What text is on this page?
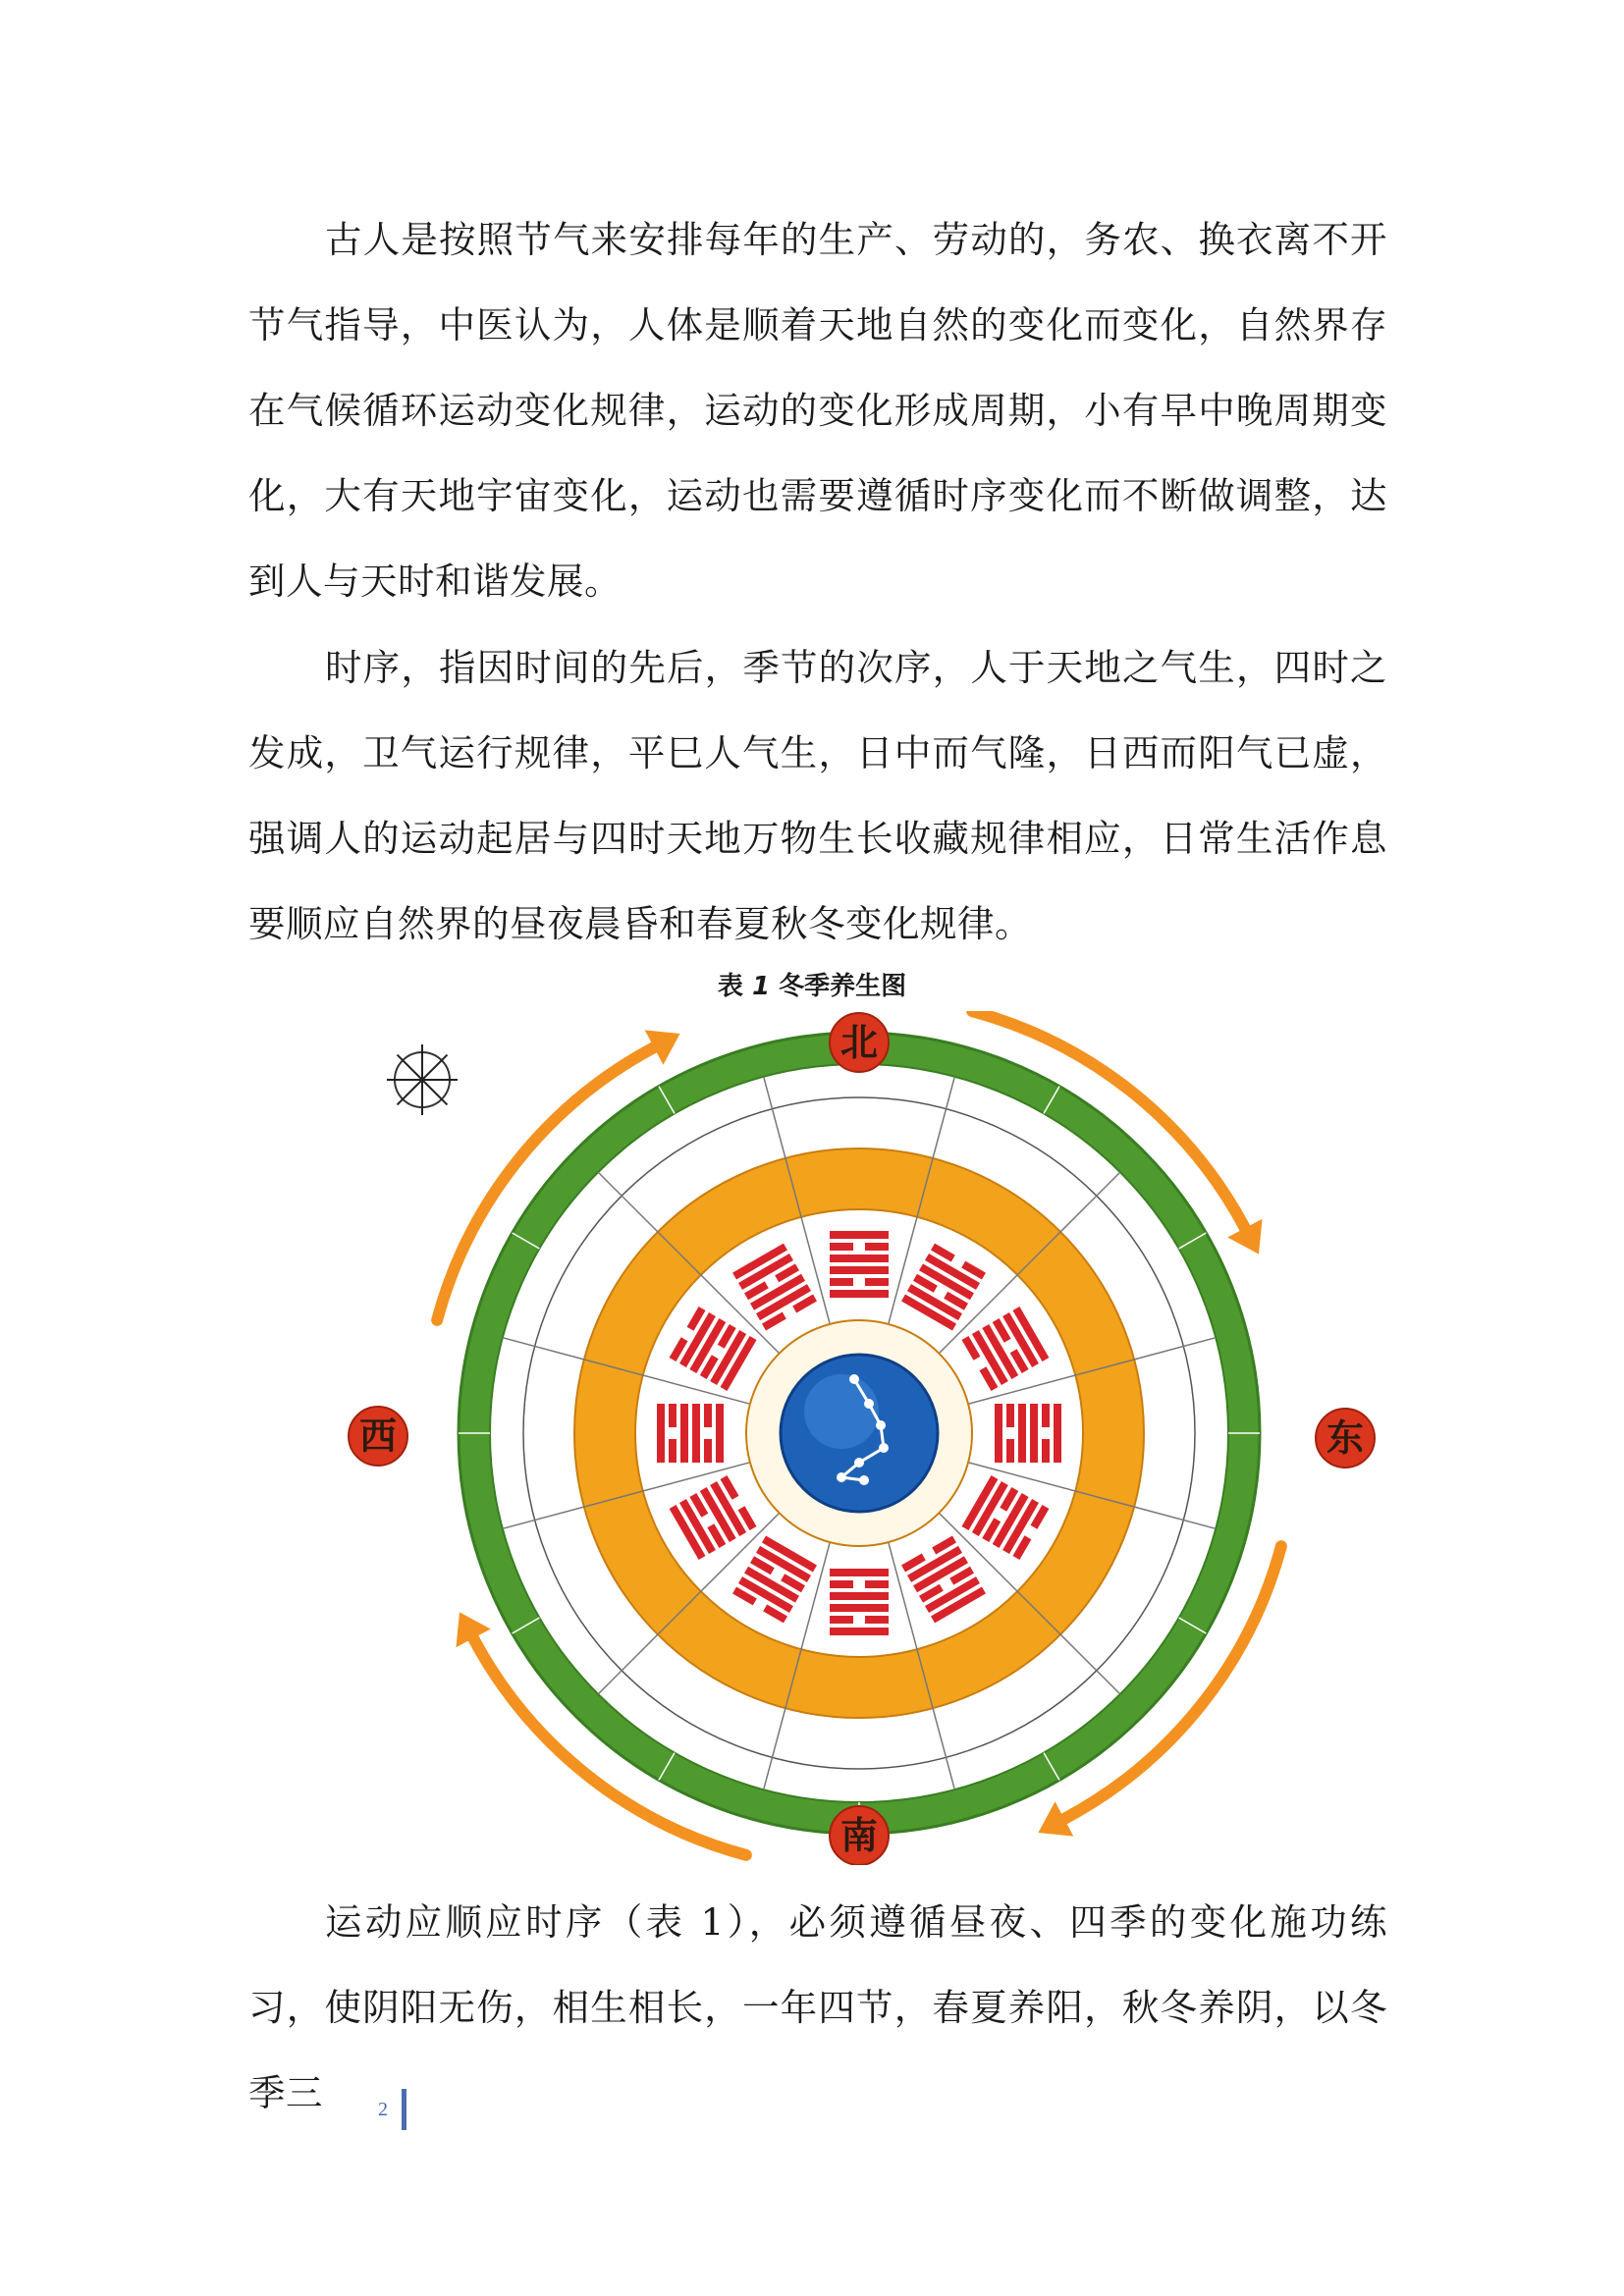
古人是按照节气来安排每年的生产、劳动的，务农、换衣离不开节气指导，中医认为，人体是顺着天地自然的变化而变化，自然界存在气候循环运动变化规律，运动的变化形成周期，小有早中晚周期变化，大有天地宇宙变化，运动也需要遵循时序变化而不断做调整，达到人与天时和谐发展。

时序，指因时间的先后，季节的次序，人于天地之气生，四时之发成，卫气运行规律，平巳人气生，日中而气隆，日西而阳气已虚，强调人的运动起居与四时天地万物生长收藏规律相应，日常生活作息要顺应自然界的昼夜晨昏和春夏秋冬变化规律。

表 1 冬季养生图

北
南
东
西

运动应顺应时序（表 1），必须遵循昼夜、四季的变化施功练习，使阴阳无伤，相生相长，一年四节，春夏养阳，秋冬养阴，以冬季三	2
